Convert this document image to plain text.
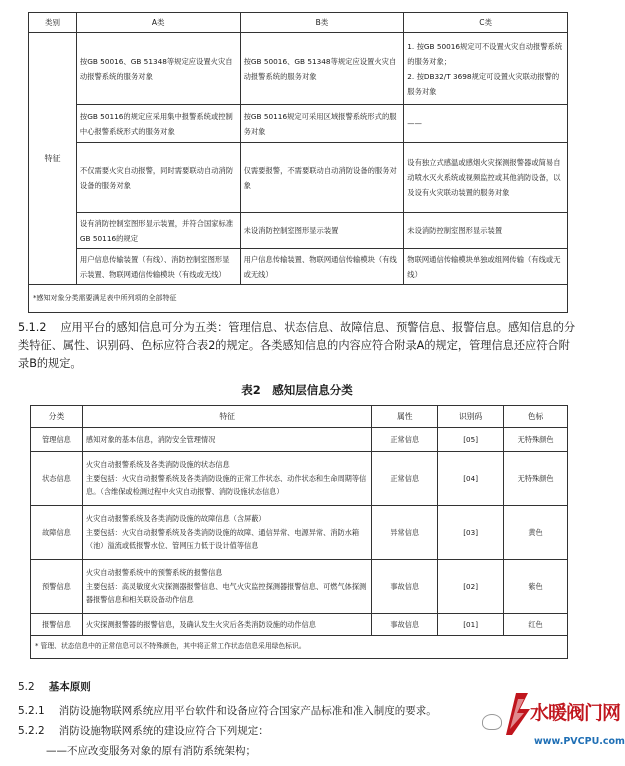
类别	A类	B类	C类
特征	按GB 50016、GB 51348等规定应设置火灾自动报警系统的服务对象	按GB 50016、GB 51348等规定应设置火灾自动报警系统的服务对象	1. 按GB 50016规定可不设置火灾自动报警系统的服务对象；
2. 按DB32/T 3698规定可设置火灾联动报警的服务对象
	按GB 50116的规定应采用集中报警系统或控制中心报警系统形式的服务对象	按GB 50116规定可采用区域报警系统形式的服务对象	——
	不仅需要火灾自动报警，同时需要联动自动消防设备的服务对象	仅需要报警，不需要联动自动消防设备的服务对象	设有独立式感温或感烟火灾探测报警器或简易自动喷水灭火系统或视频监控或其他消防设备，以及设有火灾联动装置的服务对象
	设有消防控制室图形显示装置，并符合国家标准GB 50116的规定	未设消防控制室图形显示装置	未设消防控制室图形显示装置
	用户信息传输装置（有线）、消防控制室图形显示装置、物联网通信传输模块（有线或无线）	用户信息传输装置、物联网通信传输模块（有线或无线）	物联网通信传输模块单独或组网传输（有线或无线）
*感知对象分类需要满足表中所列项的全部特征			
5.1.2 应用平台的感知信息可分为五类：管理信息、状态信息、故障信息、预警信息、报警信息。感知信息的分类特征、属性、识别码、色标应符合表2的规定。各类感知信息的内容应符合附录A的规定，管理信息还应符合附录B的规定。
表2　感知层信息分类
分类	特征	属性	识别码	色标
管理信息	感知对象的基本信息，消防安全管理情况	正常信息	[05]	无特殊颜色
状态信息	火灾自动报警系统及各类消防设施的状态信息
主要包括：火灾自动报警系统及各类消防设施的正常工作状态、动作状态和生命周期等信息。（含维保或检测过程中火灾自动报警、消防设施状态信息）	正常信息	[04]	无特殊颜色
故障信息	火灾自动报警系统及各类消防设施的故障信息（含屏蔽）
主要包括：火灾自动报警系统及各类消防设施的故障、通信异常、电源异常、消防水箱（池）溢流或低报警水位、管网压力低于设计值等信息	异常信息	[03]	黄色
预警信息	火灾自动报警系统中的预警系统的报警信息
主要包括：高灵敏度火灾探测器报警信息、电气火灾监控探测器报警信息、可燃气体探测器报警信息和相关联设备动作信息	事故信息	[02]	紫色
报警信息	火灾探测报警器的报警信息，及确认发生火灾后各类消防设施的动作信息	事故信息	[01]	红色
* 管理、状态信息中的正常信息可以不特殊颜色，其中将正常工作状态信息采用绿色标识。				
5.2 基本原则
5.2.1 消防设施物联网系统应用平台软件和设备应符合国家产品标准和准入制度的要求。
5.2.2 消防设施物联网系统的建设应符合下列规定：
——不应改变服务对象的原有消防系统架构；
水暖阀门网
www.PVCPU.com
